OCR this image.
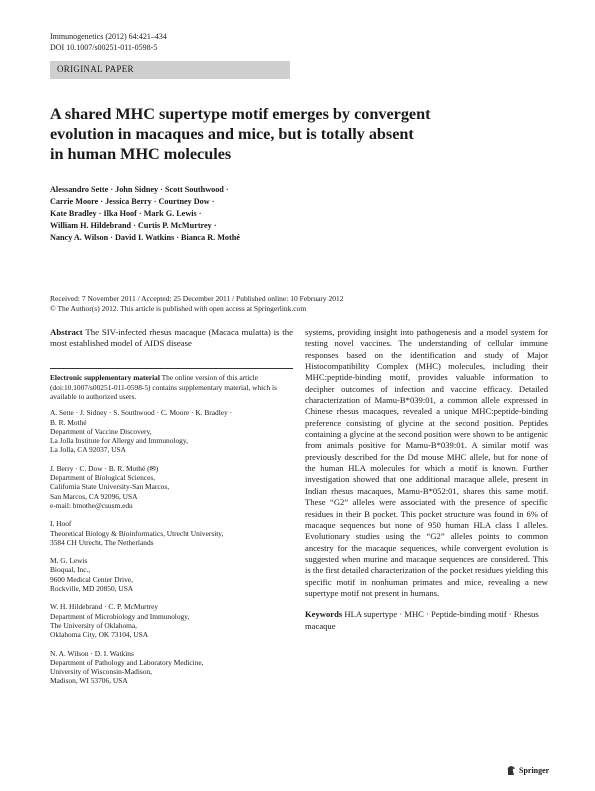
Immunogenetics (2012) 64:421–434
DOI 10.1007/s00251-011-0598-5
ORIGINAL PAPER
A shared MHC supertype motif emerges by convergent
evolution in macaques and mice, but is totally absent
in human MHC molecules
Alessandro Sette · John Sidney · Scott Southwood ·
Carrie Moore · Jessica Berry · Courtney Dow ·
Kate Bradley · Ilka Hoof · Mark G. Lewis ·
William H. Hildebrand · Curtis P. McMurtrey ·
Nancy A. Wilson · David I. Watkins · Bianca R. Mothé
Received: 7 November 2011 / Accepted: 25 December 2011 / Published online: 10 February 2012
© The Author(s) 2012. This article is published with open access at Springerlink.com
Abstract The SIV-infected rhesus macaque (Macaca mulatta) is the most established model of AIDS disease
Electronic supplementary material The online version of this article (doi:10.1007/s00251-011-0598-5) contains supplementary material, which is available to authorized users.
A. Sette · J. Sidney · S. Southwood · C. Moore · K. Bradley ·
B. R. Mothé
Department of Vaccine Discovery,
La Jolla Institute for Allergy and Immunology,
La Jolla, CA 92037, USA
J. Berry · C. Dow · B. R. Mothé (✉)
Department of Biological Sciences,
California State University-San Marcos,
San Marcos, CA 92096, USA
e-mail: bmothe@csusm.edu
I. Hoof
Theoretical Biology & Bioinformatics, Utrecht University,
3584 CH Utrecht, The Netherlands
M. G. Lewis
Bioqual, Inc.,
9600 Medical Center Drive,
Rockville, MD 20850, USA
W. H. Hildebrand · C. P. McMurtrey
Department of Microbiology and Immunology,
The University of Oklahoma,
Oklahoma City, OK 73104, USA
N. A. Wilson · D. I. Watkins
Department of Pathology and Laboratory Medicine,
University of Wisconsin-Madison,
Madison, WI 53706, USA

systems, providing insight into pathogenesis and a model system for testing novel vaccines. The understanding of cellular immune responses based on the identification and study of Major Histocompatibility Complex (MHC) molecules, including their MHC:peptide-binding motif, provides valuable information to decipher outcomes of infection and vaccine efficacy. Detailed characterization of Mamu-B*039:01, a common allele expressed in Chinese rhesus macaques, revealed a unique MHC:peptide-binding preference consisting of glycine at the second position. Peptides containing a glycine at the second position were shown to be antigenic from animals positive for Mamu-B*039:01. A similar motif was previously described for the Dd mouse MHC allele, but for none of the human HLA molecules for which a motif is known. Further investigation showed that one additional macaque allele, present in Indian rhesus macaques, Mamu-B*052:01, shares this same motif. These “G2” alleles were associated with the presence of specific residues in their B pocket. This pocket structure was found in 6% of macaque sequences but none of 950 human HLA class I alleles. Evolutionary studies using the “G2” alleles points to common ancestry for the macaque sequences, while convergent evolution is suggested when murine and macaque sequences are considered. This is the first detailed characterization of the pocket residues yielding this specific motif in nonhuman primates and mice, revealing a new supertype motif not present in humans.

Keywords HLA supertype · MHC · Peptide-binding motif · Rhesus macaque
Springer
